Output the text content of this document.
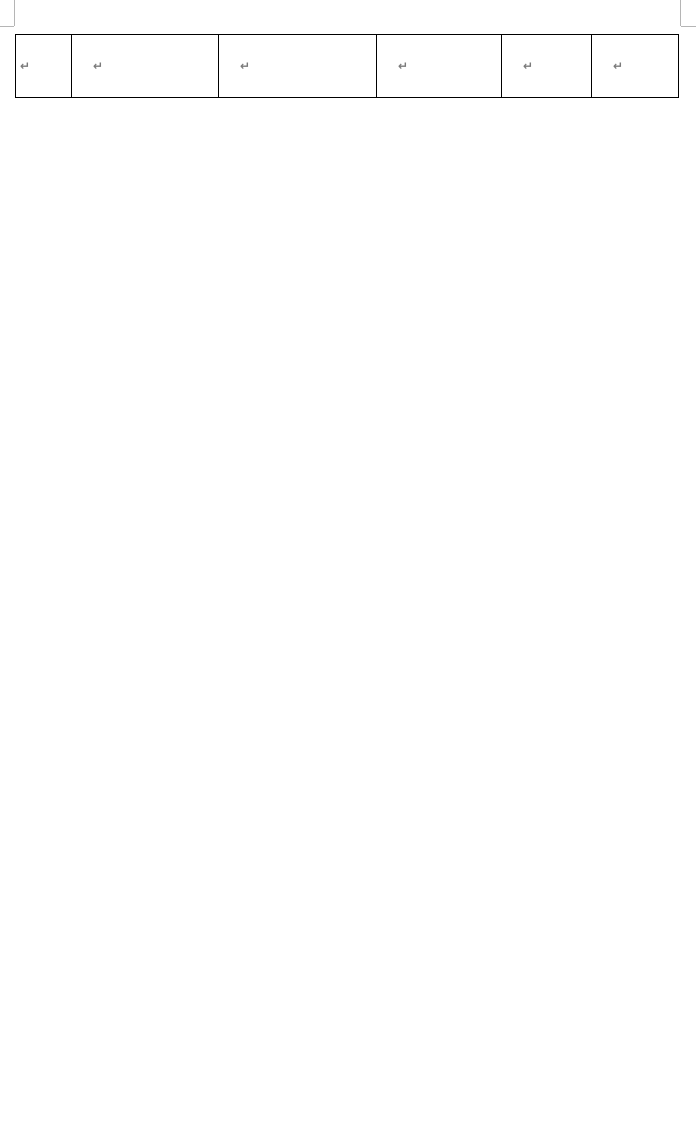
↵	↵	↵	↵	↵	↵
